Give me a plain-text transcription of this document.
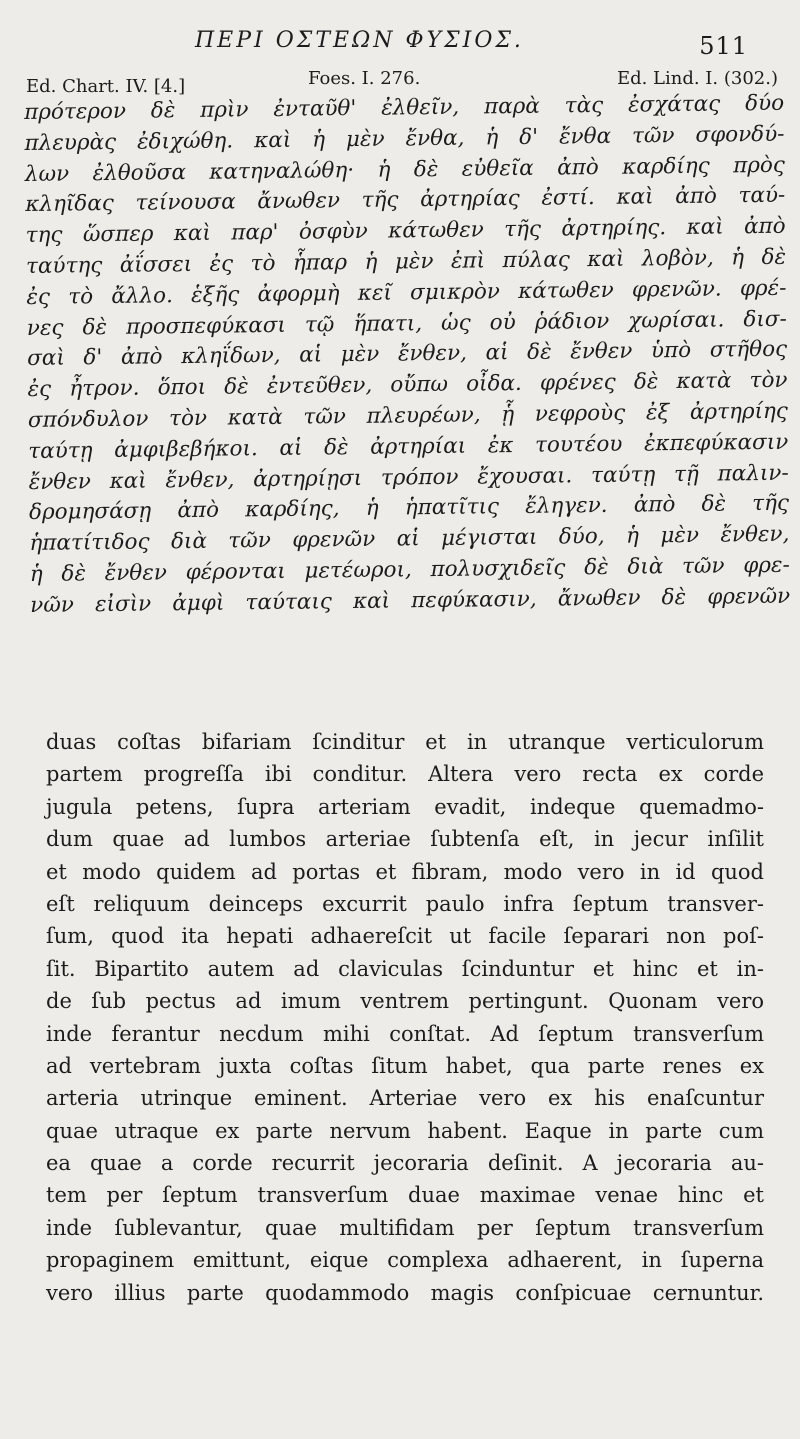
ΠΕΡΙ ΟΣΤΕΩΝ ΦΥΣΙΟΣ.	511
Ed. Chart. IV. [4.]	Foes. I. 276.	Ed. Lind. I. (302.)
πρότερον δὲ πρὶν ἐνταῦθ' ἐλθεῖν, παρὰ τὰς ἐσχάτας δύο
πλευρὰς ἐδιχώθη. καὶ ἡ μὲν ἔνθα, ἡ δ' ἔνθα τῶν σφονδύ-
λων ἐλθοῦσα κατηναλώθη· ἡ δὲ εὐθεῖα ἀπὸ καρδίης πρὸς
κληῖδας τείνουσα ἄνωθεν τῆς ἀρτηρίας ἐστί. καὶ ἀπὸ ταύ-
της ὥσπερ καὶ παρ' ὀσφὺν κάτωθεν τῆς ἀρτηρίης. καὶ ἀπὸ
ταύτης ἀΐσσει ἐς τὸ ἧπαρ ἡ μὲν ἐπὶ πύλας καὶ λοβὸν, ἡ δὲ
ἐς τὸ ἄλλο. ἑξῆς ἀφορμὴ κεῖ σμικρὸν κάτωθεν φρενῶν. φρέ-
νες δὲ προσπεφύκασι τῷ ἥπατι, ὡς οὐ ῥάδιον χωρίσαι. δισ-
σαὶ δ' ἀπὸ κληΐδων, αἱ μὲν ἔνθεν, αἱ δὲ ἔνθεν ὑπὸ στῆθος
ἐς ἦτρον. ὅποι δὲ ἐντεῦθεν, οὔπω οἶδα. φρένες δὲ κατὰ τὸν
σπόνδυλον τὸν κατὰ τῶν πλευρέων, ᾗ νεφροὺς ἐξ ἀρτηρίης
ταύτῃ ἀμφιβεβήκοι. αἱ δὲ ἀρτηρίαι ἐκ τουτέου ἐκπεφύκασιν
ἔνθεν καὶ ἔνθεν, ἀρτηρίῃσι τρόπον ἔχουσαι. ταύτῃ τῇ παλιν-
δρομησάσῃ ἀπὸ καρδίης, ἡ ἡπατῖτις ἔληγεν. ἀπὸ δὲ τῆς
ἡπατίτιδος διὰ τῶν φρενῶν αἱ μέγισται δύο, ἡ μὲν ἔνθεν,
ἡ δὲ ἔνθεν φέρονται μετέωροι, πολυσχιδεῖς δὲ διὰ τῶν φρε-
νῶν εἰσὶν ἀμφὶ ταύταις καὶ πεφύκασιν, ἄνωθεν δὲ φρενῶν
duas coſtas bifariam ſcinditur et in utranque verticulorum
partem progreſſa ibi conditur. Altera vero recta ex corde
jugula petens, ſupra arteriam evadit, indeque quemadmo-
dum quae ad lumbos arteriae ſubtenſa eſt, in jecur inſilit
et modo quidem ad portas et fibram, modo vero in id quod
eſt reliquum deinceps excurrit paulo infra ſeptum transver-
ſum, quod ita hepati adhaereſcit ut facile ſeparari non poſ-
ſit. Bipartito autem ad claviculas ſcinduntur et hinc et in-
de ſub pectus ad imum ventrem pertingunt. Quonam vero
inde ferantur necdum mihi conſtat. Ad ſeptum transverſum
ad vertebram juxta coſtas ſitum habet, qua parte renes ex
arteria utrinque eminent. Arteriae vero ex his enaſcuntur
quae utraque ex parte nervum habent. Eaque in parte cum
ea quae a corde recurrit jecoraria deſinit. A jecoraria au-
tem per ſeptum transverſum duae maximae venae hinc et
inde ſublevantur, quae multifidam per ſeptum transverſum
propaginem emittunt, eique complexa adhaerent, in ſuperna
vero illius parte quodammodo magis conſpicuae cernuntur.
